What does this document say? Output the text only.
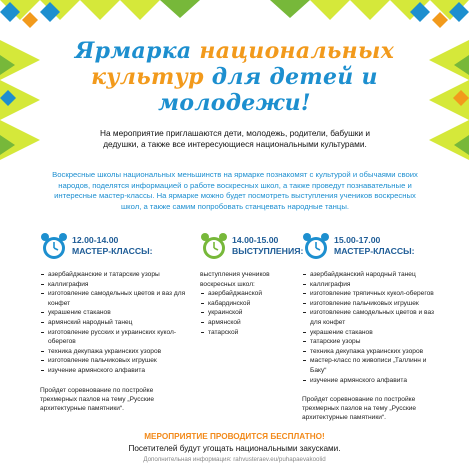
Ярмарка национальных
культур для детей и
молодежи!
На мероприятие приглашаются дети, молодежь, родители, бабушки и дедушки, а также все интересующиеся национальными культурами.
Воскресные школы национальных меньшинств на ярмарке познакомят с культурой и обычаями своих народов, поделятся информацией о работе воскресных школ, а также проведут познавательные и интересные мастер-классы. На ярмарке можно будет посмотреть выступления учеников воскресных школ, а также самим попробовать станцевать народные танцы.
12.00-14.00
МАСТЕР-КЛАССЫ:
азербайджанские и татарские узоры
каллиграфия
изготовление самодельных цветов и ваз для конфет
украшение стаканов
армянский народный танец
изготовление русских и украинских кукол-оберегов
техника декупажа украинских узоров
изготовление пальчиковых игрушек
изучение армянского алфавита
Пройдет соревнование по постройке трехмерных пазлов на тему „Русские архитектурные памятники“.
14.00-15.00
ВЫСТУПЛЕНИЯ:
выступления учеников воскресных школ:
азербайджанской
кабардинской
украинской
армянской
татарской
15.00-17.00
МАСТЕР-КЛАССЫ:
азербайджанский народный танец
каллиграфия
изготовление тряпичных кукол-оберегов
изготовление пальчиковых игрушек
изготовление самодельных цветов и ваз для конфет
украшение стаканов
татарские узоры
техника декупажа украинских узоров
мастер-класс по живописи „Таллинн и Баку“
изучение армянского алфавита
Пройдет соревнование по постройке трехмерных пазлов на тему „Русские архитектурные памятники“.
МЕРОПРИЯТИЕ ПРОВОДИТСЯ БЕСПЛАТНО!
Посетителей будут угощать национальными закусками.
Дополнительная информация: rahvusteraev.eu/puhapaevakoolid
